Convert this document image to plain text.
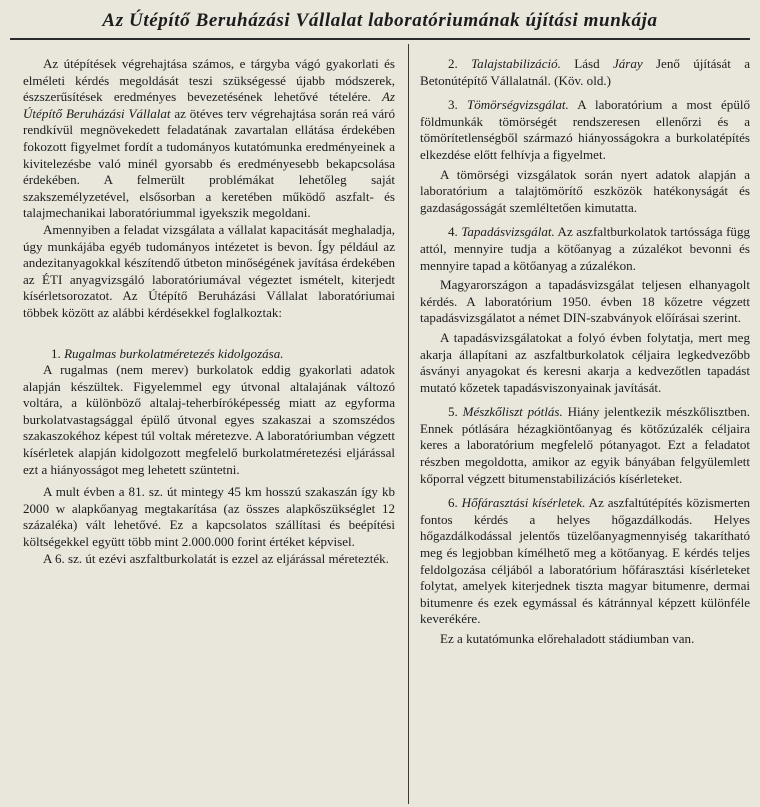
Az Útépítő Beruházási Vállalat laboratóriumának újítási munkája

Az útépítések végrehajtása számos, e tárgyba vágó gyakorlati és elméleti kérdés megoldását teszi szükségessé újabb módszerek, észszerűsítések eredményes bevezetésének lehetővé tételére. Az Útépítő Beruházási Vállalat az ötéves terv végrehajtása során reá váró rendkívül megnövekedett feladatának zavartalan ellátása érdekében fokozott figyelmet fordít a tudományos kutatómunka eredményeinek a kivitelezésbe való minél gyorsabb és eredményesebb bekapcsolása érdekében. A felmerült problémákat lehetőleg saját szakszemélyzetével, elsősorban a keretében működő aszfalt- és talajmechanikai laboratóriummal igyekszik megoldani.

Amennyiben a feladat vizsgálata a vállalat kapacitását meghaladja, úgy munkájába egyéb tudományos intézetet is bevon. Így például az andezitanyagokkal készítendő útbeton minőségének javítása érdekében az ÉTI anyagvizsgáló laboratóriumával végeztet ismételt, kiterjedt kísérletsorozatot. Az Útépítő Beruházási Vállalat laboratóriumai többek között az alábbi kérdésekkel foglalkoztak:

1. Rugalmas burkolatméretezés kidolgozása.

A rugalmas (nem merev) burkolatok eddig gyakorlati adatok alapján készültek. Figyelemmel egy útvonal altalajának változó voltára, a különböző altalaj-teherbíróképesség miatt az egyforma burkolatvastagsággal épülő útvonal egyes szakaszai a szomszédos szakaszokéhoz képest túl voltak méretezve. A laboratóriumban végzett kísérletek alapján kidolgozott megfelelő burkolatméretezési eljárással ezt a hiányosságot meg lehetett szüntetni.

A mult évben a 81. sz. út mintegy 45 km hosszú szakaszán így kb 2000 w alapkőanyag megtakarítása (az összes alapkőszükséglet 12 százaléka) vált lehetővé. Ez a kapcsolatos szállítasi és beépítési költségekkel együtt több mint 2.000.000 forint értéket képvisel.

A 6. sz. út ezévi aszfaltburkolatát is ezzel az eljárással méretezték.

2. Talajstabilizáció. Lásd Járay Jenő újítását a Betonútépítő Vállalatnál. (Köv. old.)

3. Tömörségvizsgálat. A laboratórium a most épülő földmunkák tömörségét rendszeresen ellenőrzi és a tömörítetlenségből származó hiányosságokra a burkolatépítés elkezdése előtt felhívja a figyelmet.

A tömörségi vizsgálatok során nyert adatok alapján a laboratórium a talajtömörítő eszközök hatékonyságát és gazdaságosságát szemléltetően kimutatta.

4. Tapadásvizsgálat. Az aszfaltburkolatok tartóssága függ attól, mennyire tudja a kötőanyag a zúzalékot bevonni és mennyire tapad a kötőanyag a zúzalékon.

Magyarországon a tapadásvizsgálat teljesen elhanyagolt kérdés. A laboratórium 1950. évben 18 kőzetre végzett tapadásvizsgálatot a német DIN-szabványok előírásai szerint.

A tapadásvizsgálatokat a folyó évben folytatja, mert meg akarja állapítani az aszfaltburkolatok céljaira legkedvezőbb ásványi anyagokat és keresni akarja a kedvezőtlen tapadást mutató kőzetek tapadásviszonyainak javítását.

5. Mészkőliszt pótlás. Hiány jelentkezik mészkőlisztben. Ennek pótlására hézagkiöntőanyag és kötőzúzalék céljaira keres a laboratórium megfelelő pótanyagot. Ezt a feladatot részben megoldotta, amikor az egyik bányában felgyülemlett kőporral végzett bitumenstabilizációs kísérleteket.

6. Hőfárasztási kísérletek. Az aszfaltútépítés közismerten fontos kérdés a helyes hőgazdálkodás. Helyes hőgazdálkodással jelentős tüzelőanyagmennyiség takarítható meg és legjobban kímélhető meg a kötőanyag. E kérdés teljes feldolgozása céljából a laboratórium hőfárasztási kísérleteket folytat, amelyek kiterjednek tiszta magyar bitumenre, dermai bitumenre és ezek egymással és kátránnyal képzett különféle keverékére.

Ez a kutatómunka előrehaladott stádiumban van.
